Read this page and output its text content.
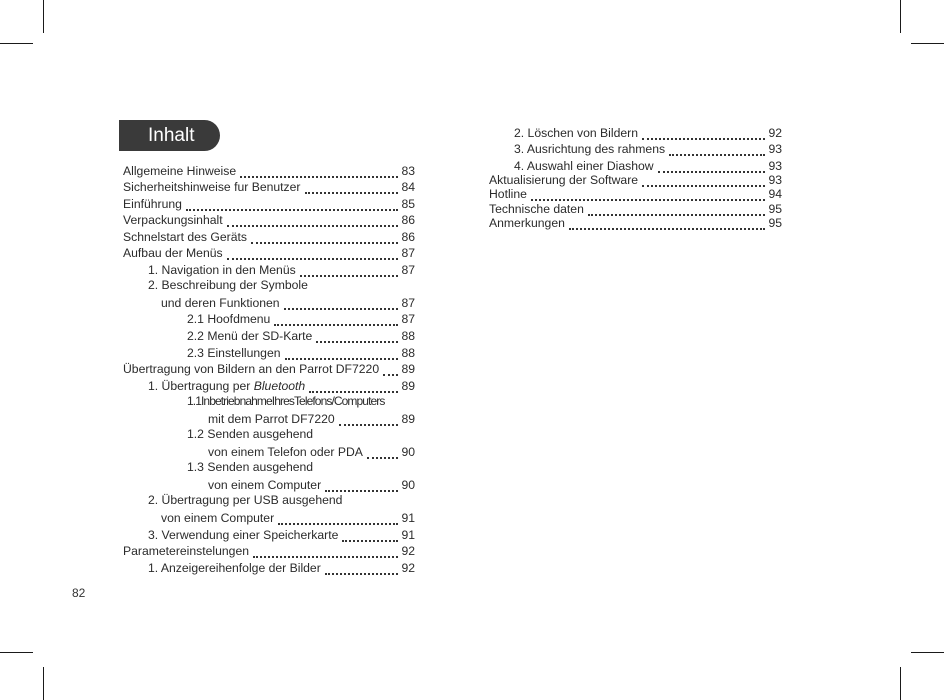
Inhalt
Allgemeine Hinweise	83
Sicherheitshinweise fur Benutzer	84
Einführung	85
Verpackungsinhalt	86
Schnelstart des Geräts	86
Aufbau der Menüs	87
1. Navigation in den Menüs	87
2. Beschreibung der Symbole
und deren Funktionen	87
2.1 Hoofdmenu	87
2.2 Menü der SD-Karte	88
2.3 Einstellungen	88
Übertragung von Bildern an den Parrot DF7220 89
1. Übertragung per Bluetooth	89
1.1InbetriebnahmeIhresTelefons/Computers
mit dem Parrot DF7220	89
1.2 Senden ausgehend
von einem Telefon oder PDA	90
1.3 Senden ausgehend
von einem Computer	90
2. Übertragung per USB ausgehend
von einem Computer	91
3. Verwendung einer Speicherkarte	91
Parametereinstelungen	92
1. Anzeigereihenfolge der Bilder	92
2. Löschen von Bildern	92
3. Ausrichtung des rahmens	93
4. Auswahl einer Diashow	93
Aktualisierung der Software	93
Hotline	94
Technische daten	95
Anmerkungen	95
82
